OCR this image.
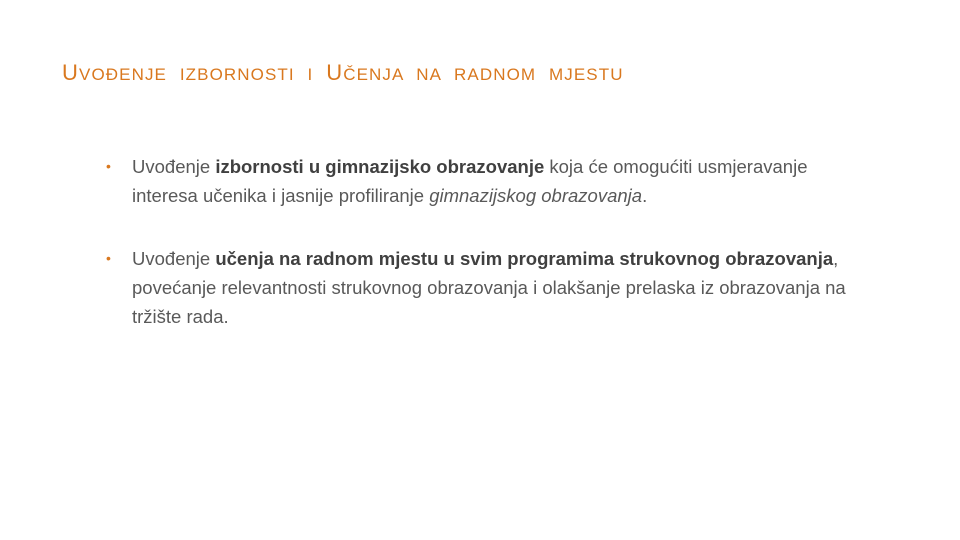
UVOĐENJE IZBORNOSTI I UČENJA NA RADNOM MJESTU
• Uvođenje izbornosti u gimnazijsko obrazovanje koja će omogućiti usmjeravanje interesa učenika i jasnije profiliranje gimnazijskog obrazovanja.
• Uvođenje učenja na radnom mjestu u svim programima strukovnog obrazovanja, povećanje relevantnosti strukovnog obrazovanja i olakšanje prelaska iz obrazovanja na tržište rada.
